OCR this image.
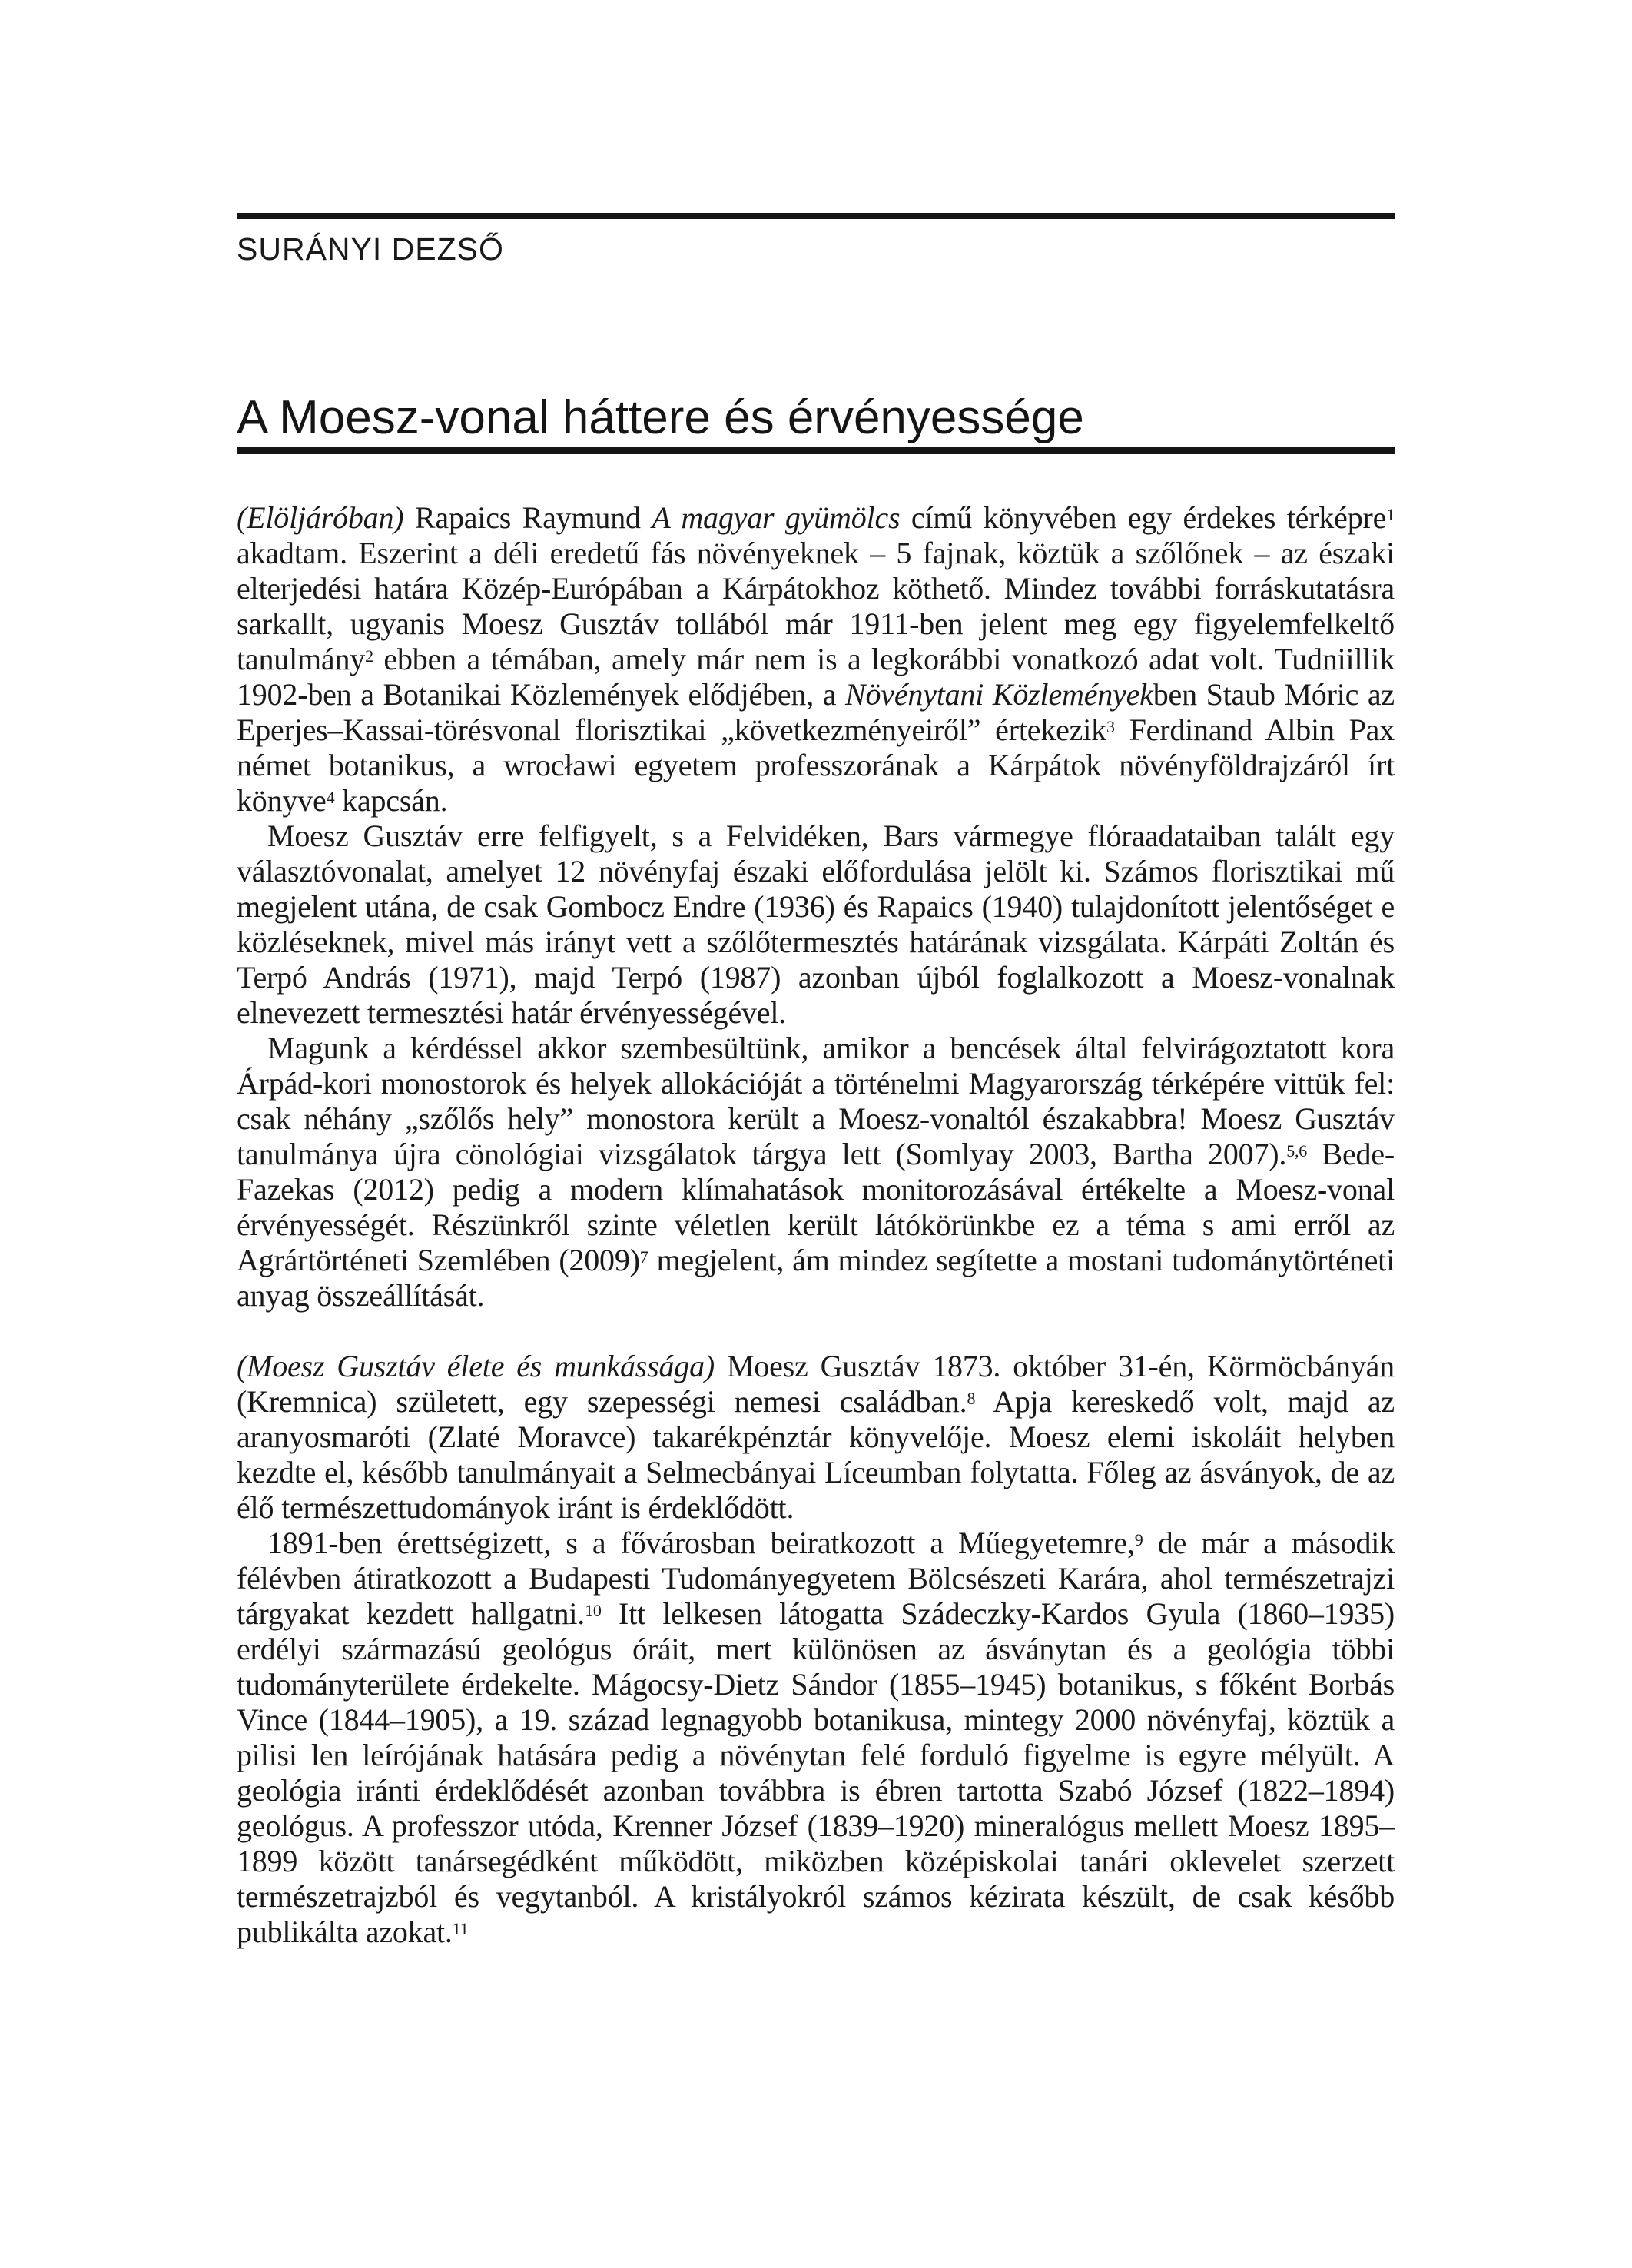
SURÁNYI DEZSŐ
A Moesz-vonal háttere és érvényessége

(Elöljáróban) Rapaics Raymund A magyar gyümölcs című könyvében egy érdekes térképre$^1$ akadtam. Eszerint a déli eredetű fás növényeknek – 5 fajnak, köztük a szőlőnek – az északi elterjedési határa Közép-Európában a Kárpátokhoz köthető. Mindez további forráskutatásra sarkallt, ugyanis Moesz Gusztáv tollából már 1911-ben jelent meg egy figyelemfelkeltő tanulmány$^2$ ebben a témában, amely már nem is a legkorábbi vonatkozó adat volt. Tudniillik 1902-ben a Botanikai Közlemények elődjében, a Növénytani Közleményekben Staub Móric az Eperjes–Kassai-törésvonal florisztikai „következményeiről” értekezik$^3$ Ferdinand Albin Pax német botanikus, a wrocławi egyetem professzorának a Kárpátok növényföldrajzáról írt könyve$^4$ kapcsán.

Moesz Gusztáv erre felfigyelt, s a Felvidéken, Bars vármegye flóraadataiban talált egy választóvonalat, amelyet 12 növényfaj északi előfordulása jelölt ki. Számos florisztikai mű megjelent utána, de csak Gombocz Endre (1936) és Rapaics (1940) tulajdonított jelentőséget e közléseknek, mivel más irányt vett a szőlőtermesztés határának vizsgálata. Kárpáti Zoltán és Terpó András (1971), majd Terpó (1987) azonban újból foglalkozott a Moesz-vonalnak elnevezett termesztési határ érvényességével.

Magunk a kérdéssel akkor szembesültünk, amikor a bencések által felvirágoztatott kora Árpád-kori monostorok és helyek allokációját a történelmi Magyarország térképére vittük fel: csak néhány „szőlős hely” monostora került a Moesz-vonaltól északabbra! Moesz Gusztáv tanulmánya újra cönológiai vizsgálatok tárgya lett (Somlyay 2003, Bartha 2007).$^{5,6}$ Bede-Fazekas (2012) pedig a modern klímahatások monitorozásával értékelte a Moesz-vonal érvényességét. Részünkről szinte véletlen került látókörünkbe ez a téma s ami erről az Agrártörténeti Szemlében $(2009)^7$ megjelent, ám mindez segítette a mostani tudománytörténeti anyag összeállítását.

(Moesz Gusztáv élete és munkássága) Moesz Gusztáv 1873. október 31-én, Körmöcbányán (Kremnica) született, egy szepességi nemesi családban.$^8$ Apja kereskedő volt, majd az aranyosmaróti (Zlaté Moravce) takarékpénztár könyvelője. Moesz elemi iskoláit helyben kezdte el, később tanulmányait a Selmecbányai Líceumban folytatta. Főleg az ásványok, de az élő természettudományok iránt is érdeklődött.

1891-ben érettségizett, s a fővárosban beiratkozott a Műegyetemre,$^9$ de már a második félévben átiratkozott a Budapesti Tudományegyetem Bölcsészeti Karára, ahol természetrajzi tárgyakat kezdett hallgatni.$^{10}$ Itt lelkesen látogatta Szádeczky-Kardos Gyula (1860–1935) erdélyi származású geológus óráit, mert különösen az ásványtan és a geológia többi tudományterülete érdekelte. Mágocsy-Dietz Sándor (1855–1945) botanikus, s főként Borbás Vince (1844–1905), a 19. század legnagyobb botanikusa, mintegy 2000 növényfaj, köztük a pilisi len leírójának hatására pedig a növénytan felé forduló figyelme is egyre mélyült. A geológia iránti érdeklődését azonban továbbra is ébren tartotta Szabó József (1822–1894) geológus. A professzor utóda, Krenner József (1839–1920) mineralógus mellett Moesz 1895–1899 között tanársegédként működött, miközben középiskolai tanári oklevelet szerzett természetrajzból és vegytanból. A kristályokról számos kézirata készült, de csak később publikálta azokat.$^{11}$
